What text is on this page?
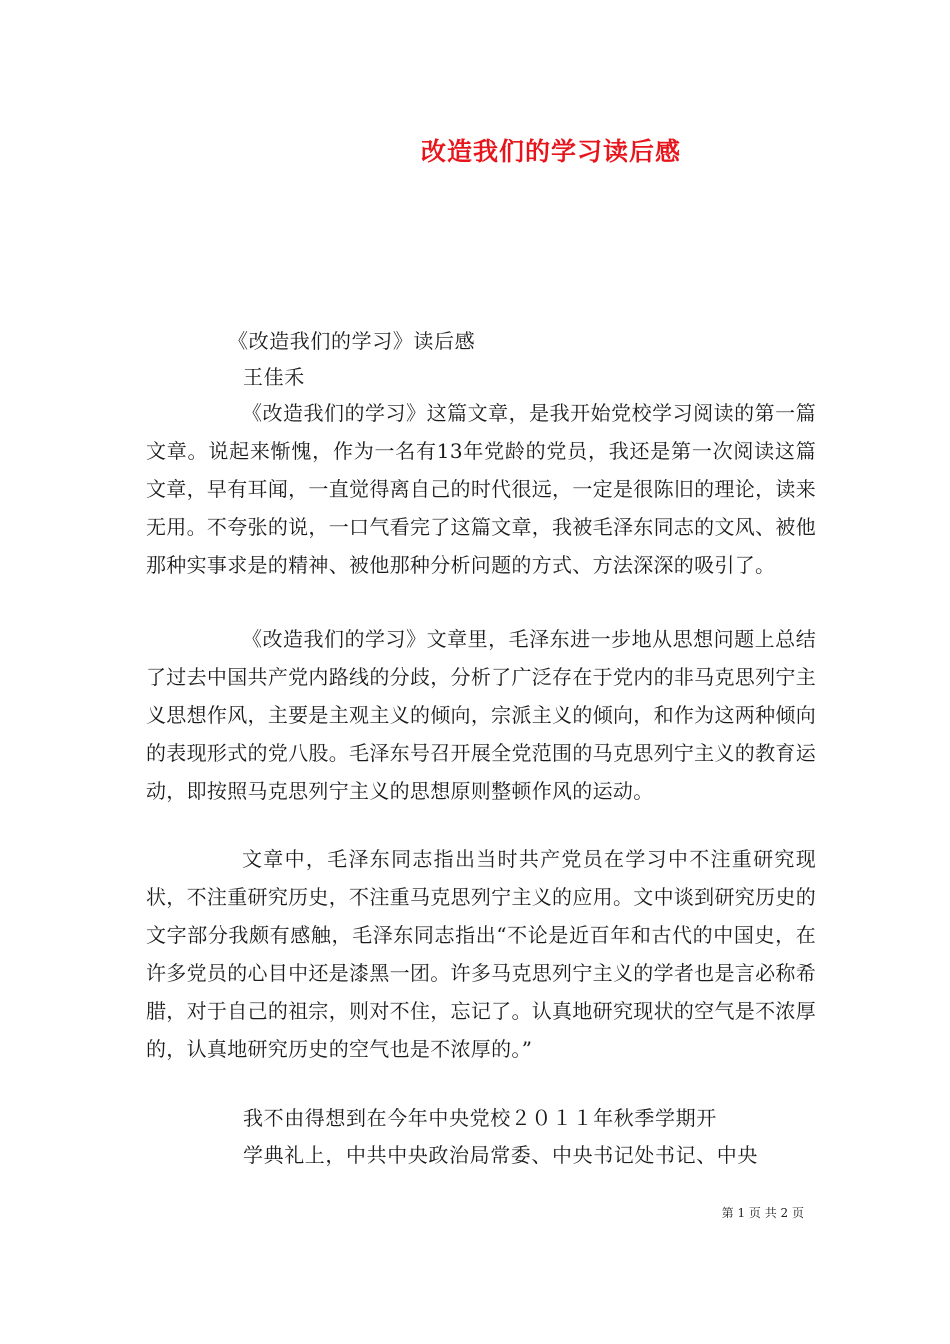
改造我们的学习读后感
《改造我们的学习》读后感
王佳禾
《改造我们的学习》这篇文章，是我开始党校学习阅读的第一篇文章。说起来惭愧，作为一名有13年党龄的党员，我还是第一次阅读这篇文章，早有耳闻，一直觉得离自己的时代很远，一定是很陈旧的理论，读来无用。不夸张的说，一口气看完了这篇文章，我被毛泽东同志的文风、被他那种实事求是的精神、被他那种分析问题的方式、方法深深的吸引了。
《改造我们的学习》文章里，毛泽东进一步地从思想问题上总结了过去中国共产党内路线的分歧，分析了广泛存在于党内的非马克思列宁主义思想作风，主要是主观主义的倾向，宗派主义的倾向，和作为这两种倾向的表现形式的党八股。毛泽东号召开展全党范围的马克思列宁主义的教育运动，即按照马克思列宁主义的思想原则整顿作风的运动。
文章中，毛泽东同志指出当时共产党员在学习中不注重研究现状，不注重研究历史，不注重马克思列宁主义的应用。文中谈到研究历史的文字部分我颇有感触，毛泽东同志指出“不论是近百年和古代的中国史，在许多党员的心目中还是漆黑一团。许多马克思列宁主义的学者也是言必称希腊，对于自己的祖宗，则对不住，忘记了。认真地研究现状的空气是不浓厚的，认真地研究历史的空气也是不浓厚的。”
我不由得想到在今年中央党校２０１１年秋季学期开
学典礼上，中共中央政治局常委、中央书记处书记、中央
第 1 页 共 2 页
